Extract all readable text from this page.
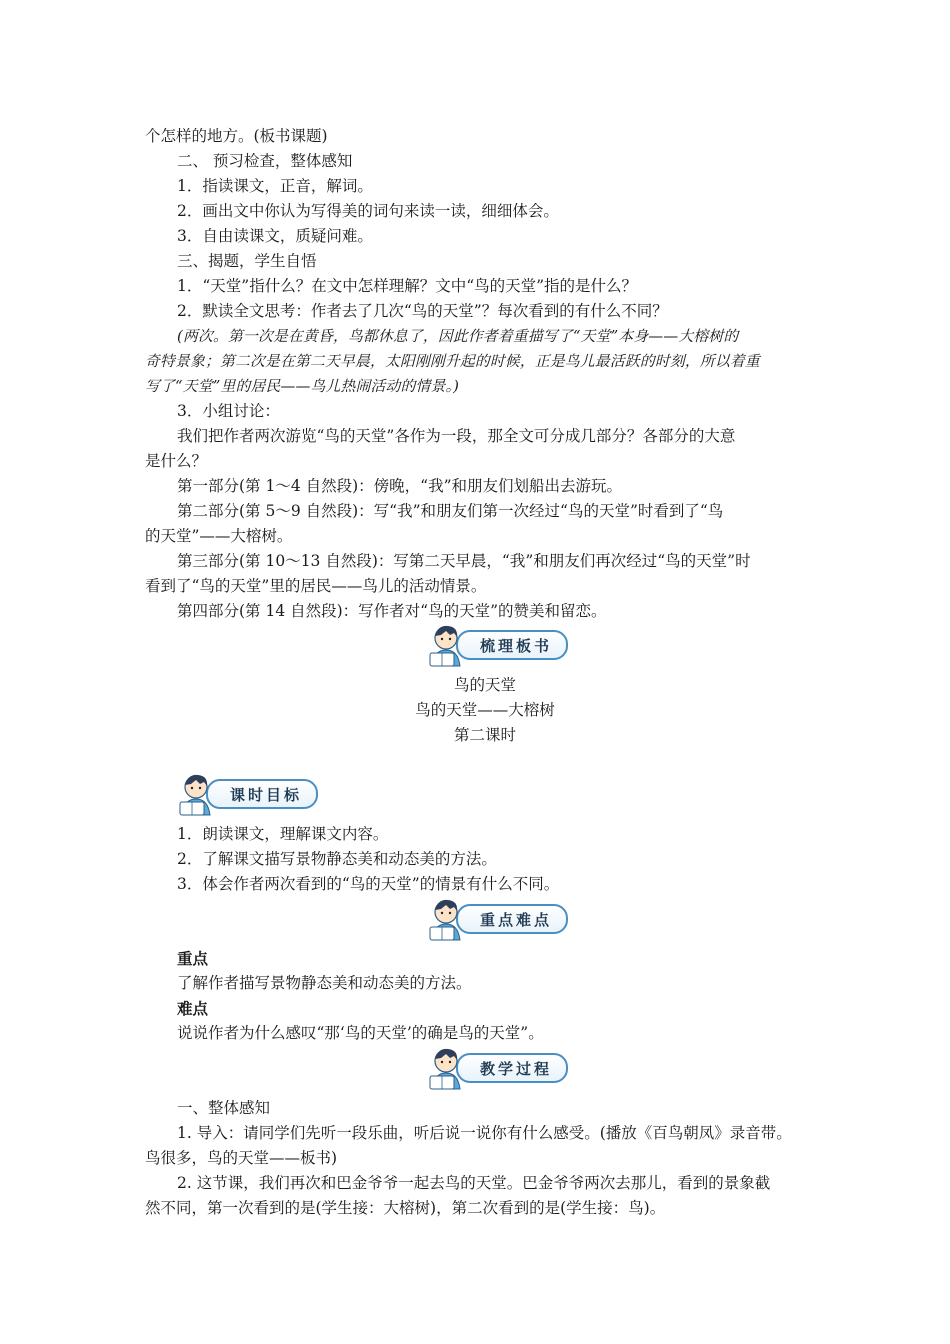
个怎样的地方。(板书课题)
二、 预习检查，整体感知
1．指读课文，正音，解词。
2．画出文中你认为写得美的词句来读一读，细细体会。
3．自由读课文，质疑问难。
三、揭题，学生自悟
1．“天堂”指什么？在文中怎样理解？文中“鸟的天堂”指的是什么？
2．默读全文思考：作者去了几次“鸟的天堂”？每次看到的有什么不同？
(两次。第一次是在黄昏，鸟都休息了，因此作者着重描写了“天堂”本身——大榕树的
奇特景象；第二次是在第二天早晨，太阳刚刚升起的时候，正是鸟儿最活跃的时刻，所以着重
写了“天堂”里的居民——鸟儿热闹活动的情景。)
3．小组讨论：
我们把作者两次游览“鸟的天堂”各作为一段，那全文可分成几部分？各部分的大意
是什么？
第一部分(第 1～4 自然段)：傍晚，“我”和朋友们划船出去游玩。
第二部分(第 5～9 自然段)：写“我”和朋友们第一次经过“鸟的天堂”时看到了“鸟
的天堂”——大榕树。
第三部分(第 10～13 自然段)：写第二天早晨，“我”和朋友们再次经过“鸟的天堂”时
看到了“鸟的天堂”里的居民——鸟儿的活动情景。
第四部分(第 14 自然段)：写作者对“鸟的天堂”的赞美和留恋。
梳理板书
鸟的天堂
鸟的天堂——大榕树
第二课时
课时目标
1．朗读课文，理解课文内容。
2．了解课文描写景物静态美和动态美的方法。
3．体会作者两次看到的“鸟的天堂”的情景有什么不同。
重点难点
重点
了解作者描写景物静态美和动态美的方法。
难点
说说作者为什么感叹“那‘鸟的天堂’的确是鸟的天堂”。
教学过程
一、整体感知
1. 导入：请同学们先听一段乐曲，听后说一说你有什么感受。(播放《百鸟朝凤》录音带。
鸟很多，鸟的天堂——板书)
2. 这节课，我们再次和巴金爷爷一起去鸟的天堂。巴金爷爷两次去那儿，看到的景象截
然不同，第一次看到的是(学生接：大榕树)，第二次看到的是(学生接：鸟)。
